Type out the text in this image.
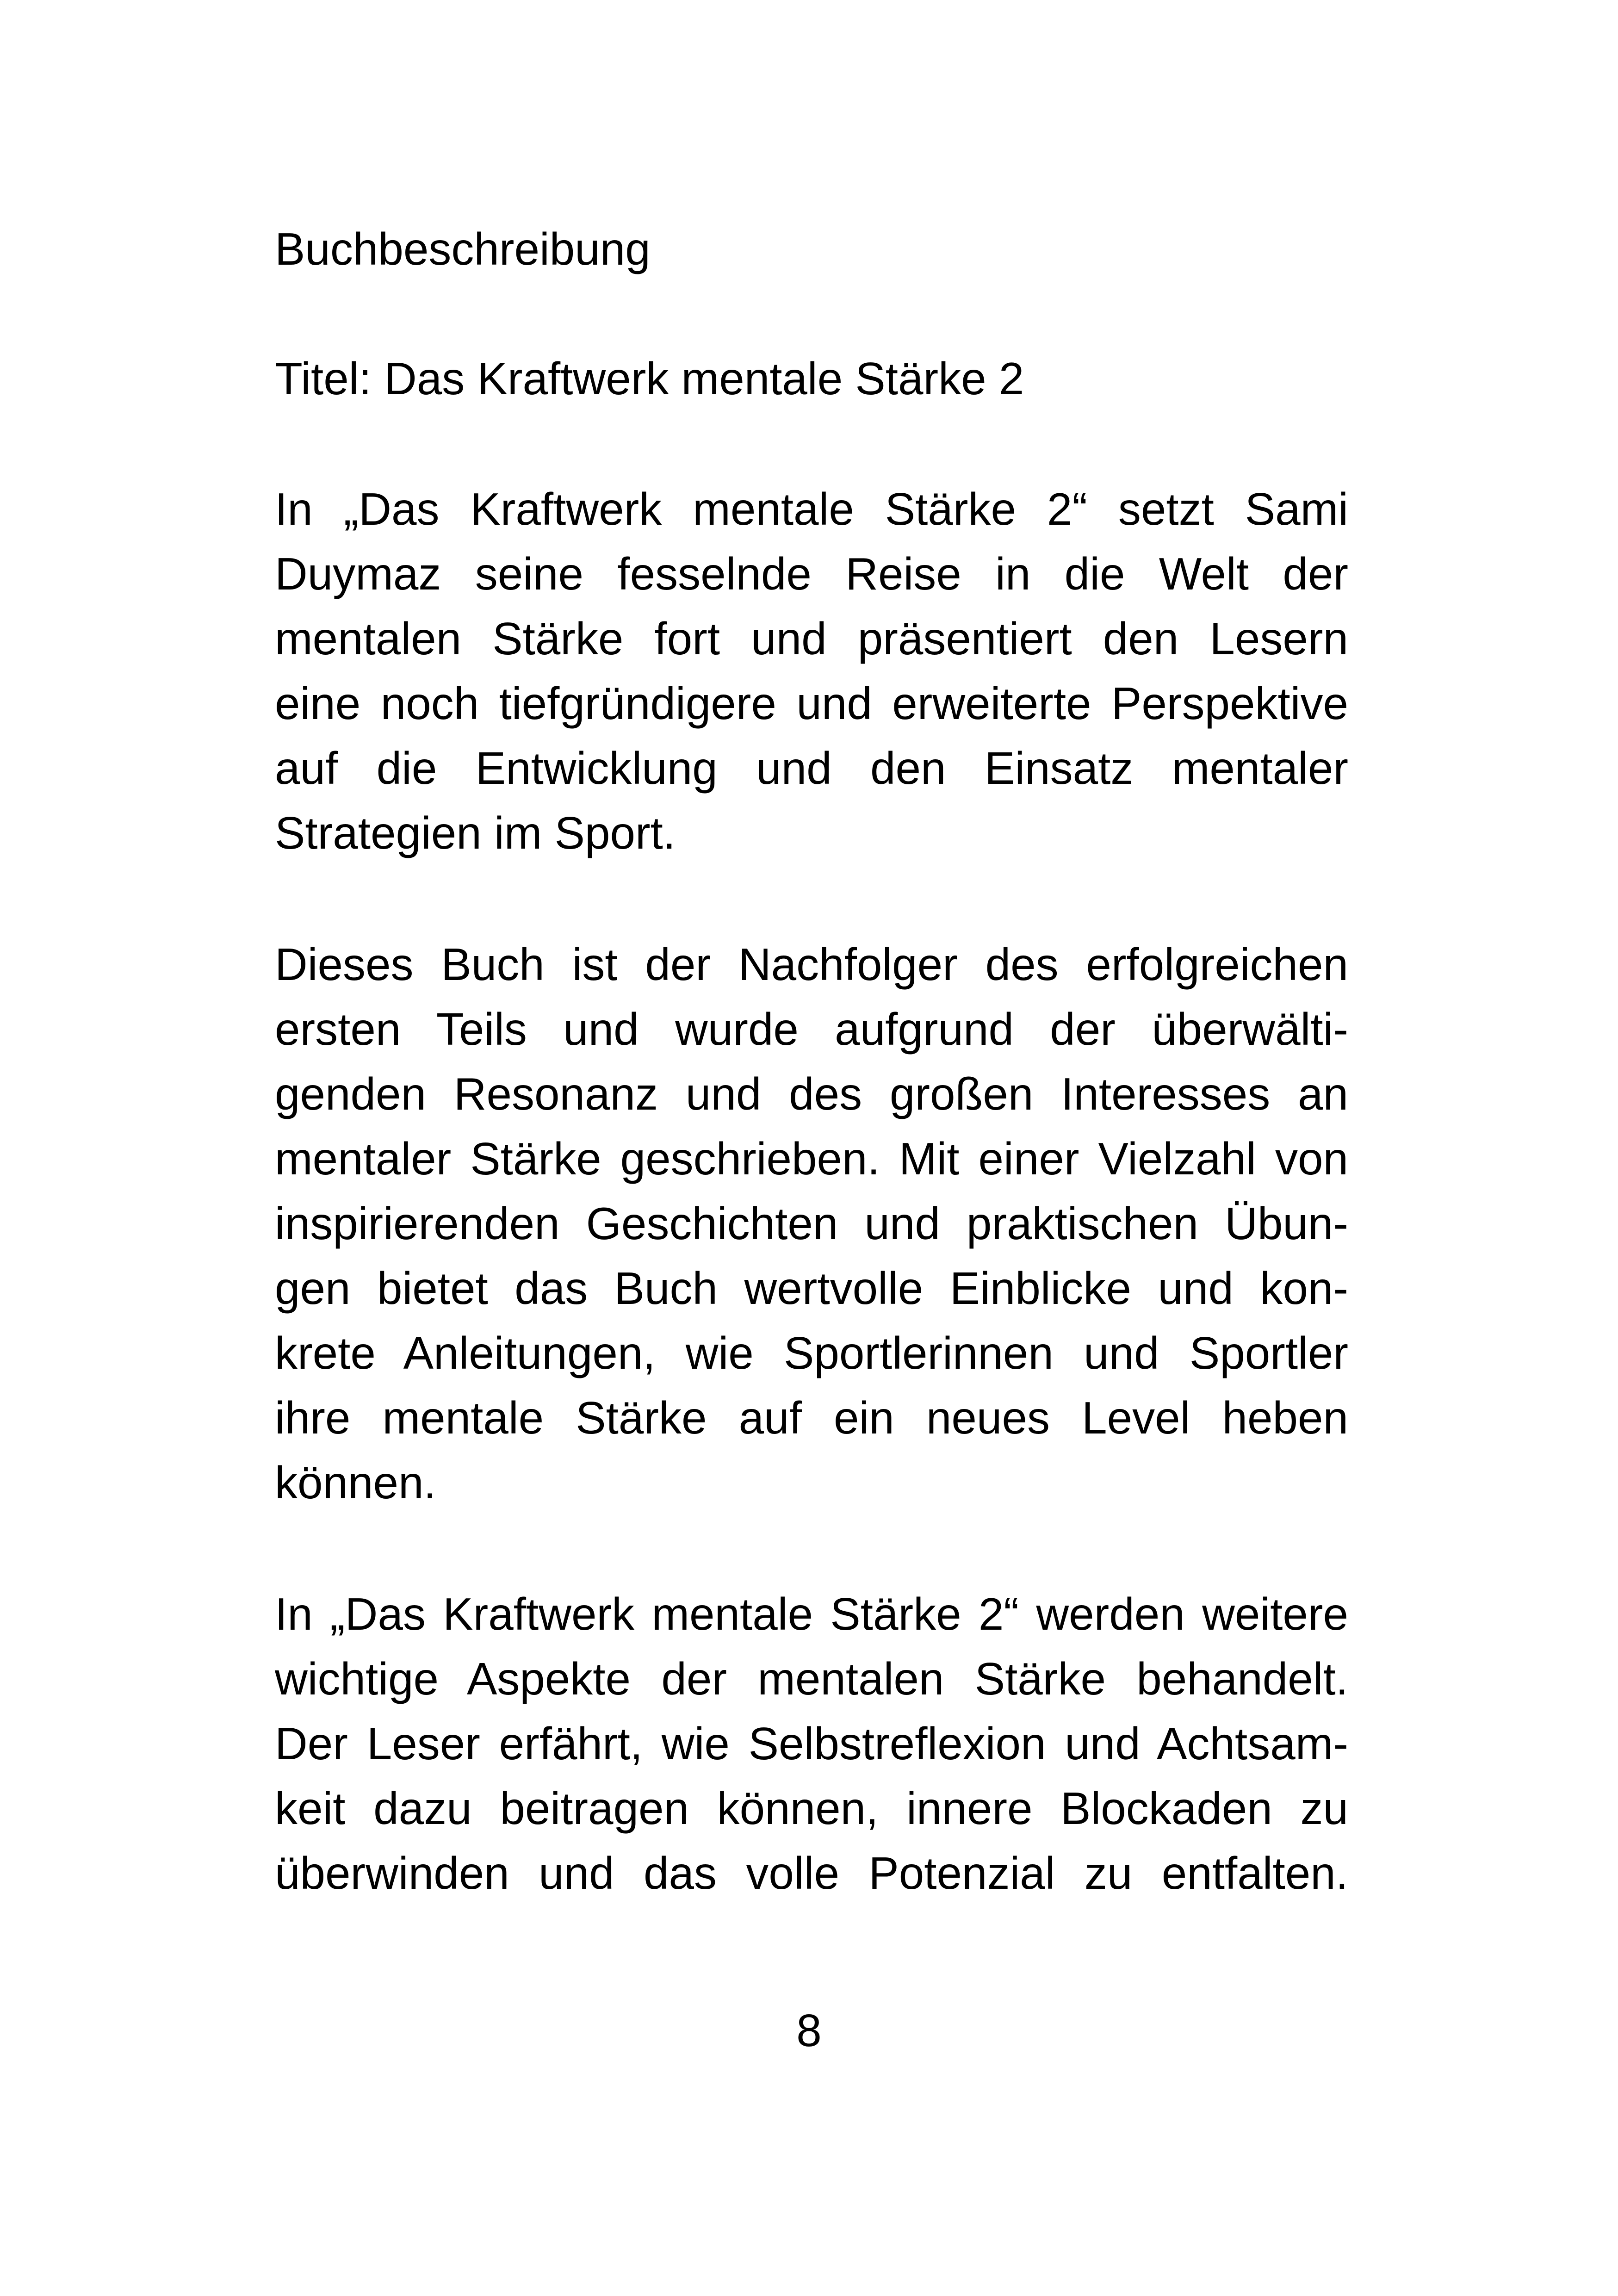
Buchbeschreibung
Titel: Das Kraftwerk mentale Stärke 2
In „Das Kraftwerk mentale Stärke 2“ setzt Sami
Duymaz seine fesselnde Reise in die Welt der
mentalen Stärke fort und präsentiert den Lesern
eine noch tiefgründigere und erweiterte Perspektive
auf die Entwicklung und den Einsatz mentaler
Strategien im Sport.
Dieses Buch ist der Nachfolger des erfolgreichen
ersten Teils und wurde aufgrund der überwälti-
genden Resonanz und des großen Interesses an
mentaler Stärke geschrieben. Mit einer Vielzahl von
inspirierenden Geschichten und praktischen Übun-
gen bietet das Buch wertvolle Einblicke und kon-
krete Anleitungen, wie Sportlerinnen und Sportler
ihre mentale Stärke auf ein neues Level heben
können.
In „Das Kraftwerk mentale Stärke 2“ werden weitere
wichtige Aspekte der mentalen Stärke behandelt.
Der Leser erfährt, wie Selbstreflexion und Achtsam-
keit dazu beitragen können, innere Blockaden zu
überwinden und das volle Potenzial zu entfalten.
8
